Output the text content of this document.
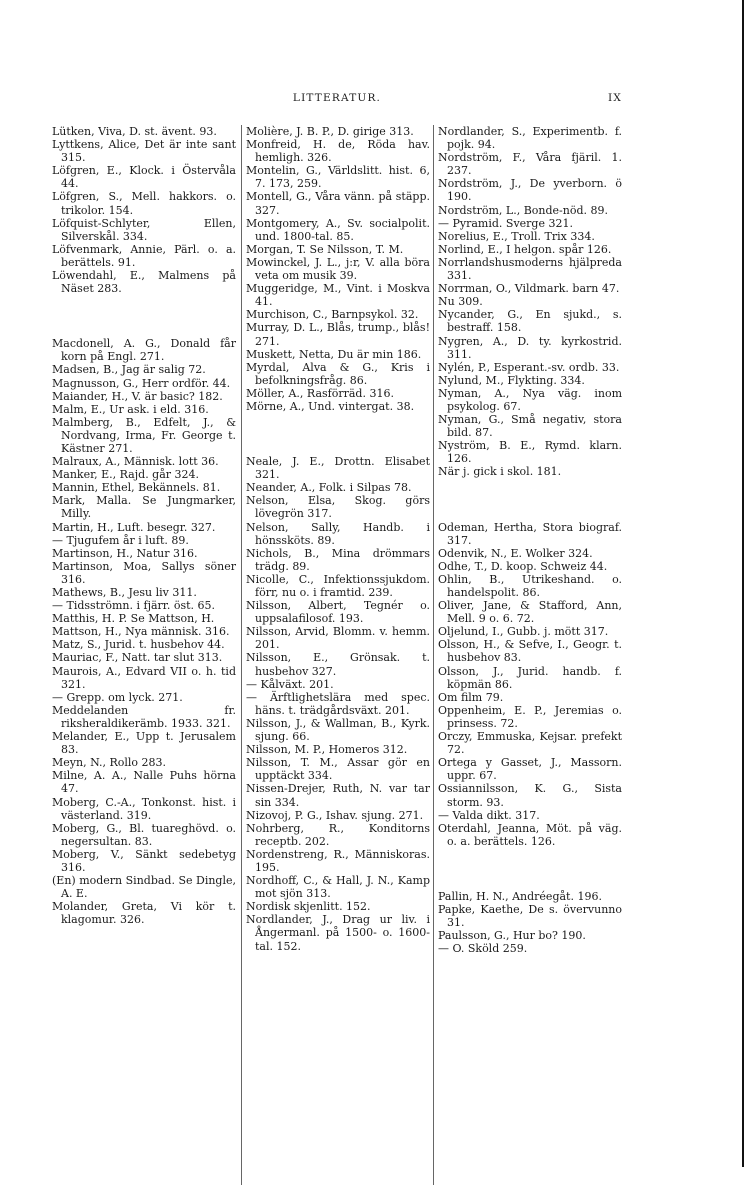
LITTERATUR.	IX

Lütken, Viva, D. st. ävent. 93.

Lyttkens, Alice, Det är inte sant 315.

Löfgren, E., Klock. i Östervåla 44.

Löfgren, S., Mell. hakkors. o. trikolor. 154.

Löfquist-Schlyter, Ellen, Silverskål. 334.

Löfvenmark, Annie, Pärl. o. a. berättels. 91.

Löwendahl, E., Malmens på Näset 283.

Macdonell, A. G., Donald får korn på Engl. 271.

Madsen, B., Jag är salig 72.

Magnusson, G., Herr ordför. 44.

Maiander, H., V. är basic? 182.

Malm, E., Ur ask. i eld. 316.

Malmberg, B., Edfelt, J., & Nordvang, Irma, Fr. George t. Kästner 271.

Malraux, A., Människ. lott 36.

Manker, E., Rajd. går 324.

Mannin, Ethel, Bekännels. 81.

Mark, Malla. Se Jungmarker, Milly.

Martin, H., Luft. besegr. 327.

— Tjugufem år i luft. 89.

Martinson, H., Natur 316.

Martinson, Moa, Sallys söner 316.

Mathews, B., Jesu liv 311.

— Tidsströmn. i fjärr. öst. 65.

Matthis, H. P. Se Mattson, H.

Mattson, H., Nya människ. 316.

Matz, S., Jurid. t. husbehov 44.

Mauriac, F., Natt. tar slut 313.

Maurois, A., Edvard VII o. h. tid 321.

— Grepp. om lyck. 271.

Meddelanden fr. riksheraldikerämb. 1933. 321.

Melander, E., Upp t. Jerusalem 83.

Meyn, N., Rollo 283.

Milne, A. A., Nalle Puhs hörna 47.

Moberg, C.-A., Tonkonst. hist. i västerland. 319.

Moberg, G., Bl. tuareghövd. o. negersultan. 83.

Moberg, V., Sänkt sedebetyg 316.

(En) modern Sindbad. Se Dingle, A. E.

Molander, Greta, Vi kör t. klagomur. 326.

Molière, J. B. P., D. girige 313.

Monfreid, H. de, Röda hav. hemligh. 326.

Montelin, G., Världslitt. hist. 6, 7. 173, 259.

Montell, G., Våra vänn. på stäpp. 327.

Montgomery, A., Sv. socialpolit. und. 1800-tal. 85.

Morgan, T. Se Nilsson, T. M.

Mowinckel, J. L., j:r, V. alla böra veta om musik 39.

Muggeridge, M., Vint. i Moskva 41.

Murchison, C., Barnpsykol. 32.

Murray, D. L., Blås, trump., blås! 271.

Muskett, Netta, Du är min 186.

Myrdal, Alva & G., Kris i befolkningsfråg. 86.

Möller, A., Rasförräd. 316.

Mörne, A., Und. vintergat. 38.

Neale, J. E., Drottn. Elisabet 321.

Neander, A., Folk. i Silpas 78.

Nelson, Elsa, Skog. görs lövegrön 317.

Nelson, Sally, Handb. i hönssköts. 89.

Nichols, B., Mina drömmars trädg. 89.

Nicolle, C., Infektionssjukdom. förr, nu o. i framtid. 239.

Nilsson, Albert, Tegnér o. uppsalafilosof. 193.

Nilsson, Arvid, Blomm. v. hemm. 201.

Nilsson, E., Grönsak. t. husbehov 327.

— Kålväxt. 201.

— Ärftlighetslära med spec. häns. t. trädgårdsväxt. 201.

Nilsson, J., & Wallman, B., Kyrk. sjung. 66.

Nilsson, M. P., Homeros 312.

Nilsson, T. M., Assar gör en upptäckt 334.

Nissen-Drejer, Ruth, N. var tar sin 334.

Nizovoj, P. G., Ishav. sjung. 271.

Nohrberg, R., Konditorns receptb. 202.

Nordenstreng, R., Människoras. 195.

Nordhoff, C., & Hall, J. N., Kamp mot sjön 313.

Nordisk skjenlitt. 152.

Nordlander, J., Drag ur liv. i Ångermanl. på 1500- o. 1600-tal. 152.

Nordlander, S., Experimentb. f. pojk. 94.

Nordström, F., Våra fjäril. 1. 237.

Nordström, J., De yverborn. ö 190.

Nordström, L., Bonde-nöd. 89.

— Pyramid. Sverge 321.

Norelius, E., Troll. Trix 334.

Norlind, E., I helgon. spår 126.

Norrlandshusmoderns hjälpreda 331.

Norrman, O., Vildmark. barn 47.

Nu 309.

Nycander, G., En sjukd., s. bestraff. 158.

Nygren, A., D. ty. kyrkostrid. 311.

Nylén, P., Esperant.-sv. ordb. 33.

Nylund, M., Flykting. 334.

Nyman, A., Nya väg. inom psykolog. 67.

Nyman, G., Små negativ, stora bild. 87.

Nyström, B. E., Rymd. klarn. 126.

När j. gick i skol. 181.

Odeman, Hertha, Stora biograf. 317.

Odenvik, N., E. Wolker 324.

Odhe, T., D. koop. Schweiz 44.

Ohlin, B., Utrikeshand. o. handelspolit. 86.

Oliver, Jane, & Stafford, Ann, Mell. 9 o. 6. 72.

Oljelund, I., Gubb. j. mött 317.

Olsson, H., & Sefve, I., Geogr. t. husbehov 83.

Olsson, J., Jurid. handb. f. köpmän 86.

Om film 79.

Oppenheim, E. P., Jeremias o. prinsess. 72.

Orczy, Emmuska, Kejsar. prefekt 72.

Ortega y Gasset, J., Massorn. uppr. 67.

Ossiannilsson, K. G., Sista storm. 93.

— Valda dikt. 317.

Oterdahl, Jeanna, Möt. på väg. o. a. berättels. 126.

Pallin, H. N., Andréegåt. 196.

Papke, Kaethe, De s. övervunno 31.

Paulsson, G., Hur bo? 190.

— O. Sköld 259.
